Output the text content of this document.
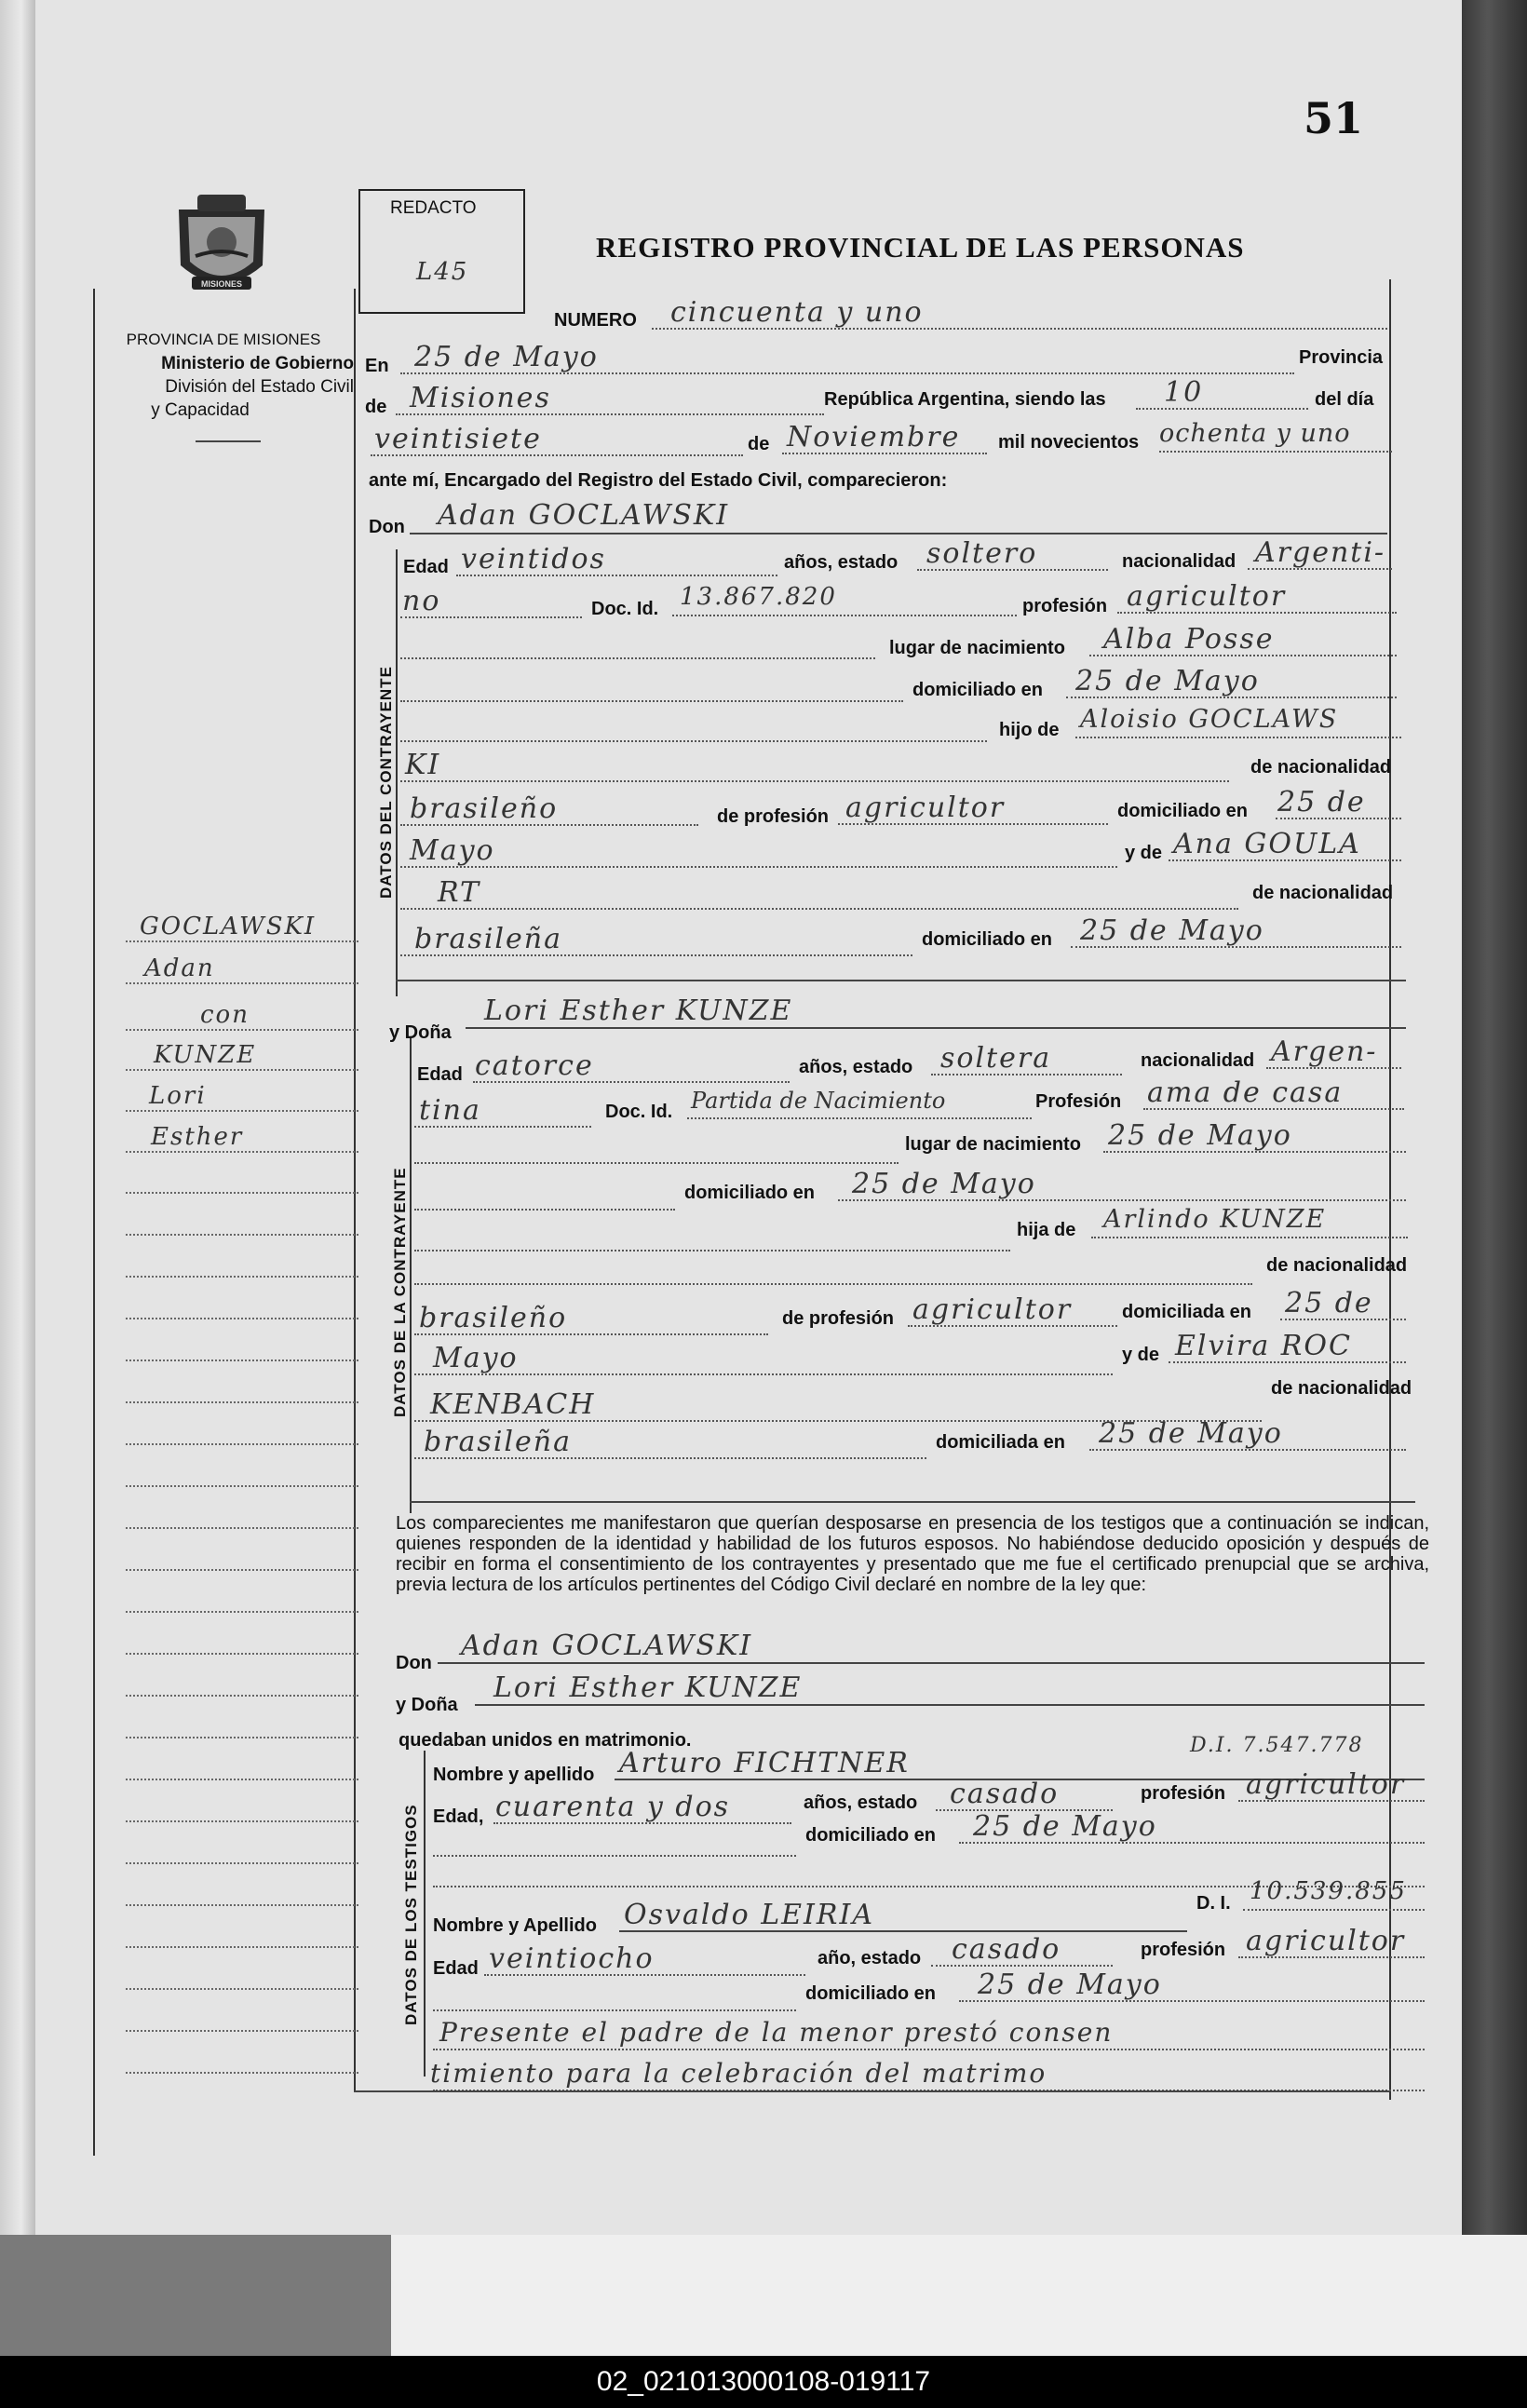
51
MISIONES
PROVINCIA DE MISIONES
Ministerio de Gobierno
División del Estado Civil
y Capacidad
REDACTO
L45
REGISTRO PROVINCIAL DE LAS PERSONAS
NUMERO cincuenta y uno
En 25 de Mayo	Provincia
de Misiones	República Argentina, siendo las 10	del día
veintisiete	de Noviembre mil novecientos ochenta y uno
ante mí, Encargado del Registro del Estado Civil, comparecieron:
Don Adan GOCLAWSKI
DATOS DEL CONTRAYENTE
Edad veintidos	años, estado soltero	nacionalidad Argenti-
no	Doc. Id. 13.867.820	profesión agricultor
lugar de nacimiento Alba Posse
domiciliado en 25 de Mayo
hijo de Aloisio GOCLAWS
KI	de nacionalidad
brasileño	de profesión agricultor	domiciliado en 25 de
Mayo	y de Ana GOULA
RT	de nacionalidad
brasileña	domiciliado en 25 de Mayo
y Doña
Lori Esther KUNZE
DATOS DE LA CONTRAYENTE
Edad catorce	años, estado soltera	nacionalidad Argen-
tina	Doc. Id. Partida de Nacimiento	Profesión ama de casa
lugar de nacimiento 25 de Mayo
domiciliado en 25 de Mayo
hija de Arlindo KUNZE
de nacionalidad
brasileño	de profesión agricultor	domiciliada en 25 de
Mayo	y de Elvira ROC
KENBACH	de nacionalidad
brasileña	domiciliada en 25 de Mayo
Los comparecientes me manifestaron que querían desposarse en presencia de los testigos que a continuación se indican, quienes responden de la identidad y habilidad de los futuros esposos. No habiéndose deducido oposición y después de recibir en forma el consentimiento de los contrayentes y presentado que me fue el certificado prenupcial que se archiva, previa lectura de los artículos pertinentes del Código Civil declaré en nombre de la ley que:
Don
Adan GOCLAWSKI
y Doña
Lori Esther KUNZE
quedaban unidos en matrimonio.
DATOS DE LOS TESTIGOS
Nombre y apellido Arturo FICHTNER
D.I. 7.547.778
Edad, cuarenta y dos	años, estado casado	profesión agricultor
domiciliado en 25 de Mayo
Nombre y Apellido Osvaldo LEIRIA	D. I. 10.539.855
Edad veintiocho	año, estado casado	profesión agricultor
domiciliado en 25 de Mayo
Presente el padre de la menor prestó consen
timiento para la celebración del matrimo
GOCLAWSKI
Adan
con
KUNZE
Lori
Esther
02_021013000108-019117
